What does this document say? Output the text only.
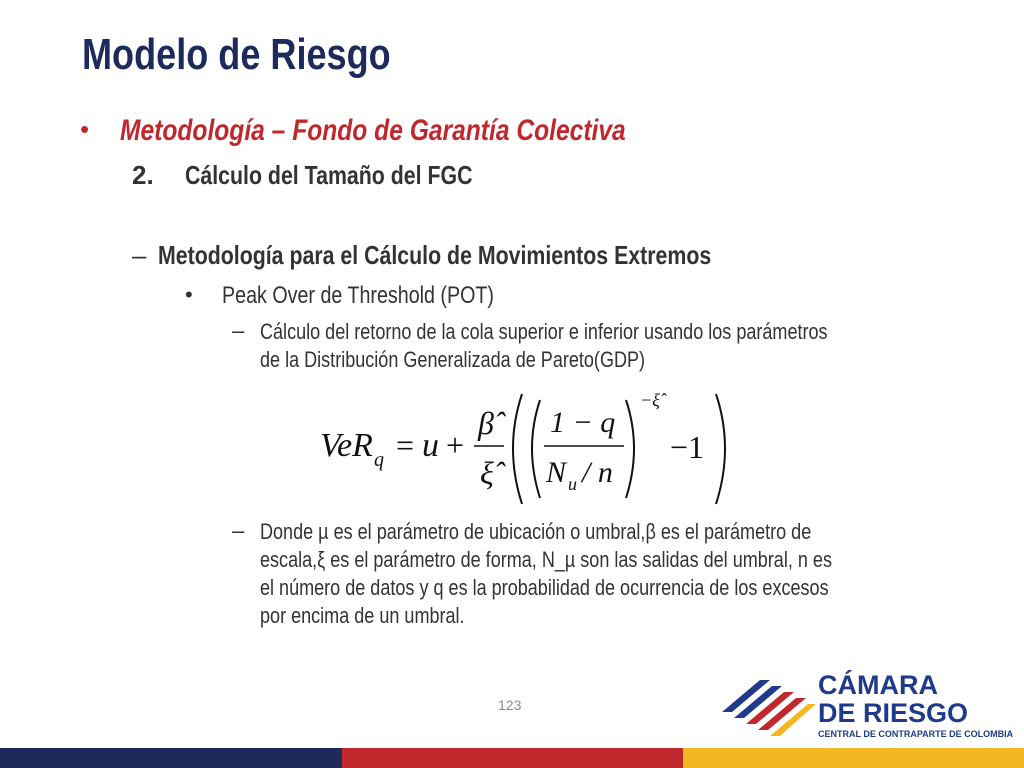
Modelo de Riesgo
• Metodología – Fondo de Garantía Colectiva
2. Cálculo del Tamaño del FGC
– Metodología para el Cálculo de Movimientos Extremos
• Peak Over de Threshold (POT)
– Cálculo del retorno de la cola superior e inferior usando los parámetros
de la Distribución Generalizada de Pareto(GDP)
VeR q = u +
β̂
ξ̂
1 − q
N u / n
−ξ̂
−1
– Donde µ es el parámetro de ubicación o umbral,β es el parámetro de
escala,ξ es el parámetro de forma, N_µ son las salidas del umbral, n es
el número de datos y q es la probabilidad de ocurrencia de los excesos
por encima de un umbral.
123
CÁMARA
DE RIESGO
CENTRAL DE CONTRAPARTE DE COLOMBIA
